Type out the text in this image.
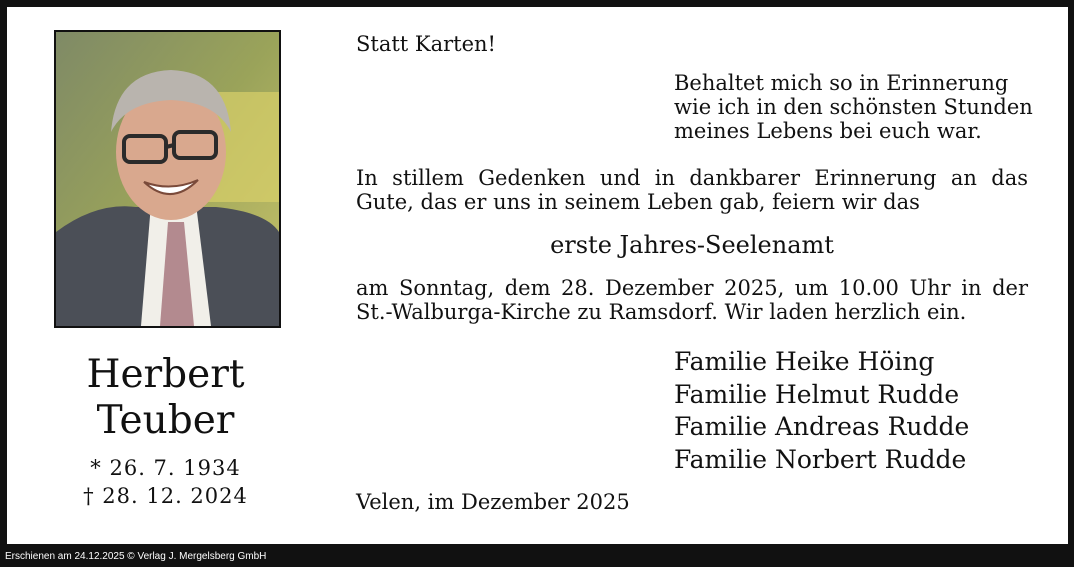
Herbert
Teuber
* 26. 7. 1934
† 28. 12. 2024
Statt Karten!
Behaltet mich so in Erinnerung
wie ich in den schönsten Stunden
meines Lebens bei euch war.
In stillem Gedenken und in dankbarer Erinnerung an das Gute, das er uns in seinem Leben gab, feiern wir das
erste Jahres-Seelenamt
am Sonntag, dem 28. Dezember 2025, um 10.00 Uhr in der St.-Walburga-Kirche zu Ramsdorf. Wir laden herzlich ein.
Familie Heike Höing
Familie Helmut Rudde
Familie Andreas Rudde
Familie Norbert Rudde
Velen, im Dezember 2025
Erschienen am 24.12.2025 © Verlag J. Mergelsberg GmbH
